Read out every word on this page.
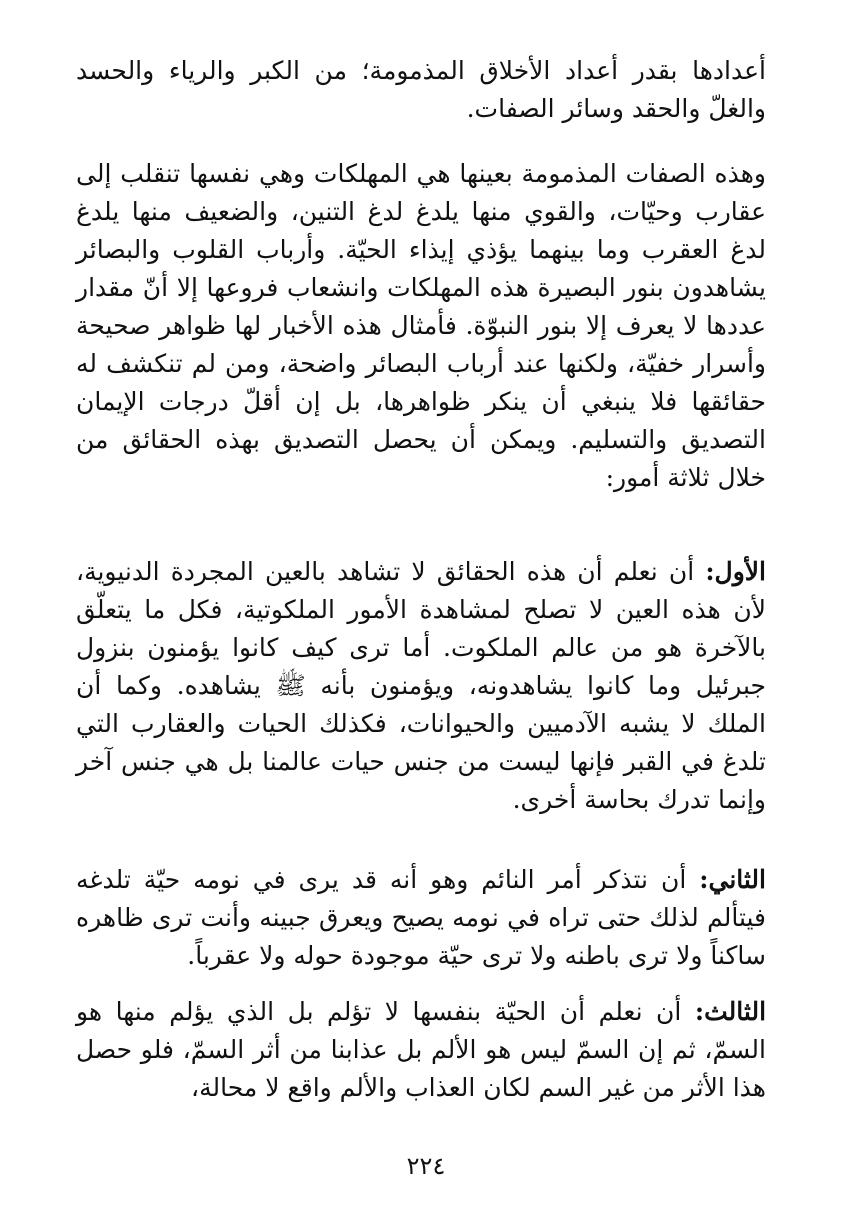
أعدادها بقدر أعداد الأخلاق المذمومة؛ من الكبر والرياء والحسد والغلّ والحقد وسائر الصفات.

وهذه الصفات المذمومة بعينها هي المهلكات وهي نفسها تنقلب إلى عقارب وحيّات، والقوي منها يلدغ لدغ التنين، والضعيف منها يلدغ لدغ العقرب وما بينهما يؤذي إيذاء الحيّة. وأرباب القلوب والبصائر يشاهدون بنور البصيرة هذه المهلكات وانشعاب فروعها إلا أنّ مقدار عددها لا يعرف إلا بنور النبوّة. فأمثال هذه الأخبار لها ظواهر صحيحة وأسرار خفيّة، ولكنها عند أرباب البصائر واضحة، ومن لم تنكشف له حقائقها فلا ينبغي أن ينكر ظواهرها، بل إن أقلّ درجات الإيمان التصديق والتسليم. ويمكن أن يحصل التصديق بهذه الحقائق من خلال ثلاثة أمور:

الأول: أن نعلم أن هذه الحقائق لا تشاهد بالعين المجردة الدنيوية، لأن هذه العين لا تصلح لمشاهدة الأمور الملكوتية، فكل ما يتعلّق بالآخرة هو من عالم الملكوت. أما ترى كيف كانوا يؤمنون بنزول جبرئيل وما كانوا يشاهدونه، ويؤمنون بأنه ﷺ يشاهده. وكما أن الملك لا يشبه الآدميين والحيوانات، فكذلك الحيات والعقارب التي تلدغ في القبر فإنها ليست من جنس حيات عالمنا بل هي جنس آخر وإنما تدرك بحاسة أخرى.

الثاني: أن نتذكر أمر النائم وهو أنه قد يرى في نومه حيّة تلدغه فيتألم لذلك حتى تراه في نومه يصيح ويعرق جبينه وأنت ترى ظاهره ساكناً ولا ترى باطنه ولا ترى حيّة موجودة حوله ولا عقرباً.

الثالث: أن نعلم أن الحيّة بنفسها لا تؤلم بل الذي يؤلم منها هو السمّ، ثم إن السمّ ليس هو الألم بل عذابنا من أثر السمّ، فلو حصل هذا الأثر من غير السم لكان العذاب والألم واقع لا محالة،

٢٢٤
